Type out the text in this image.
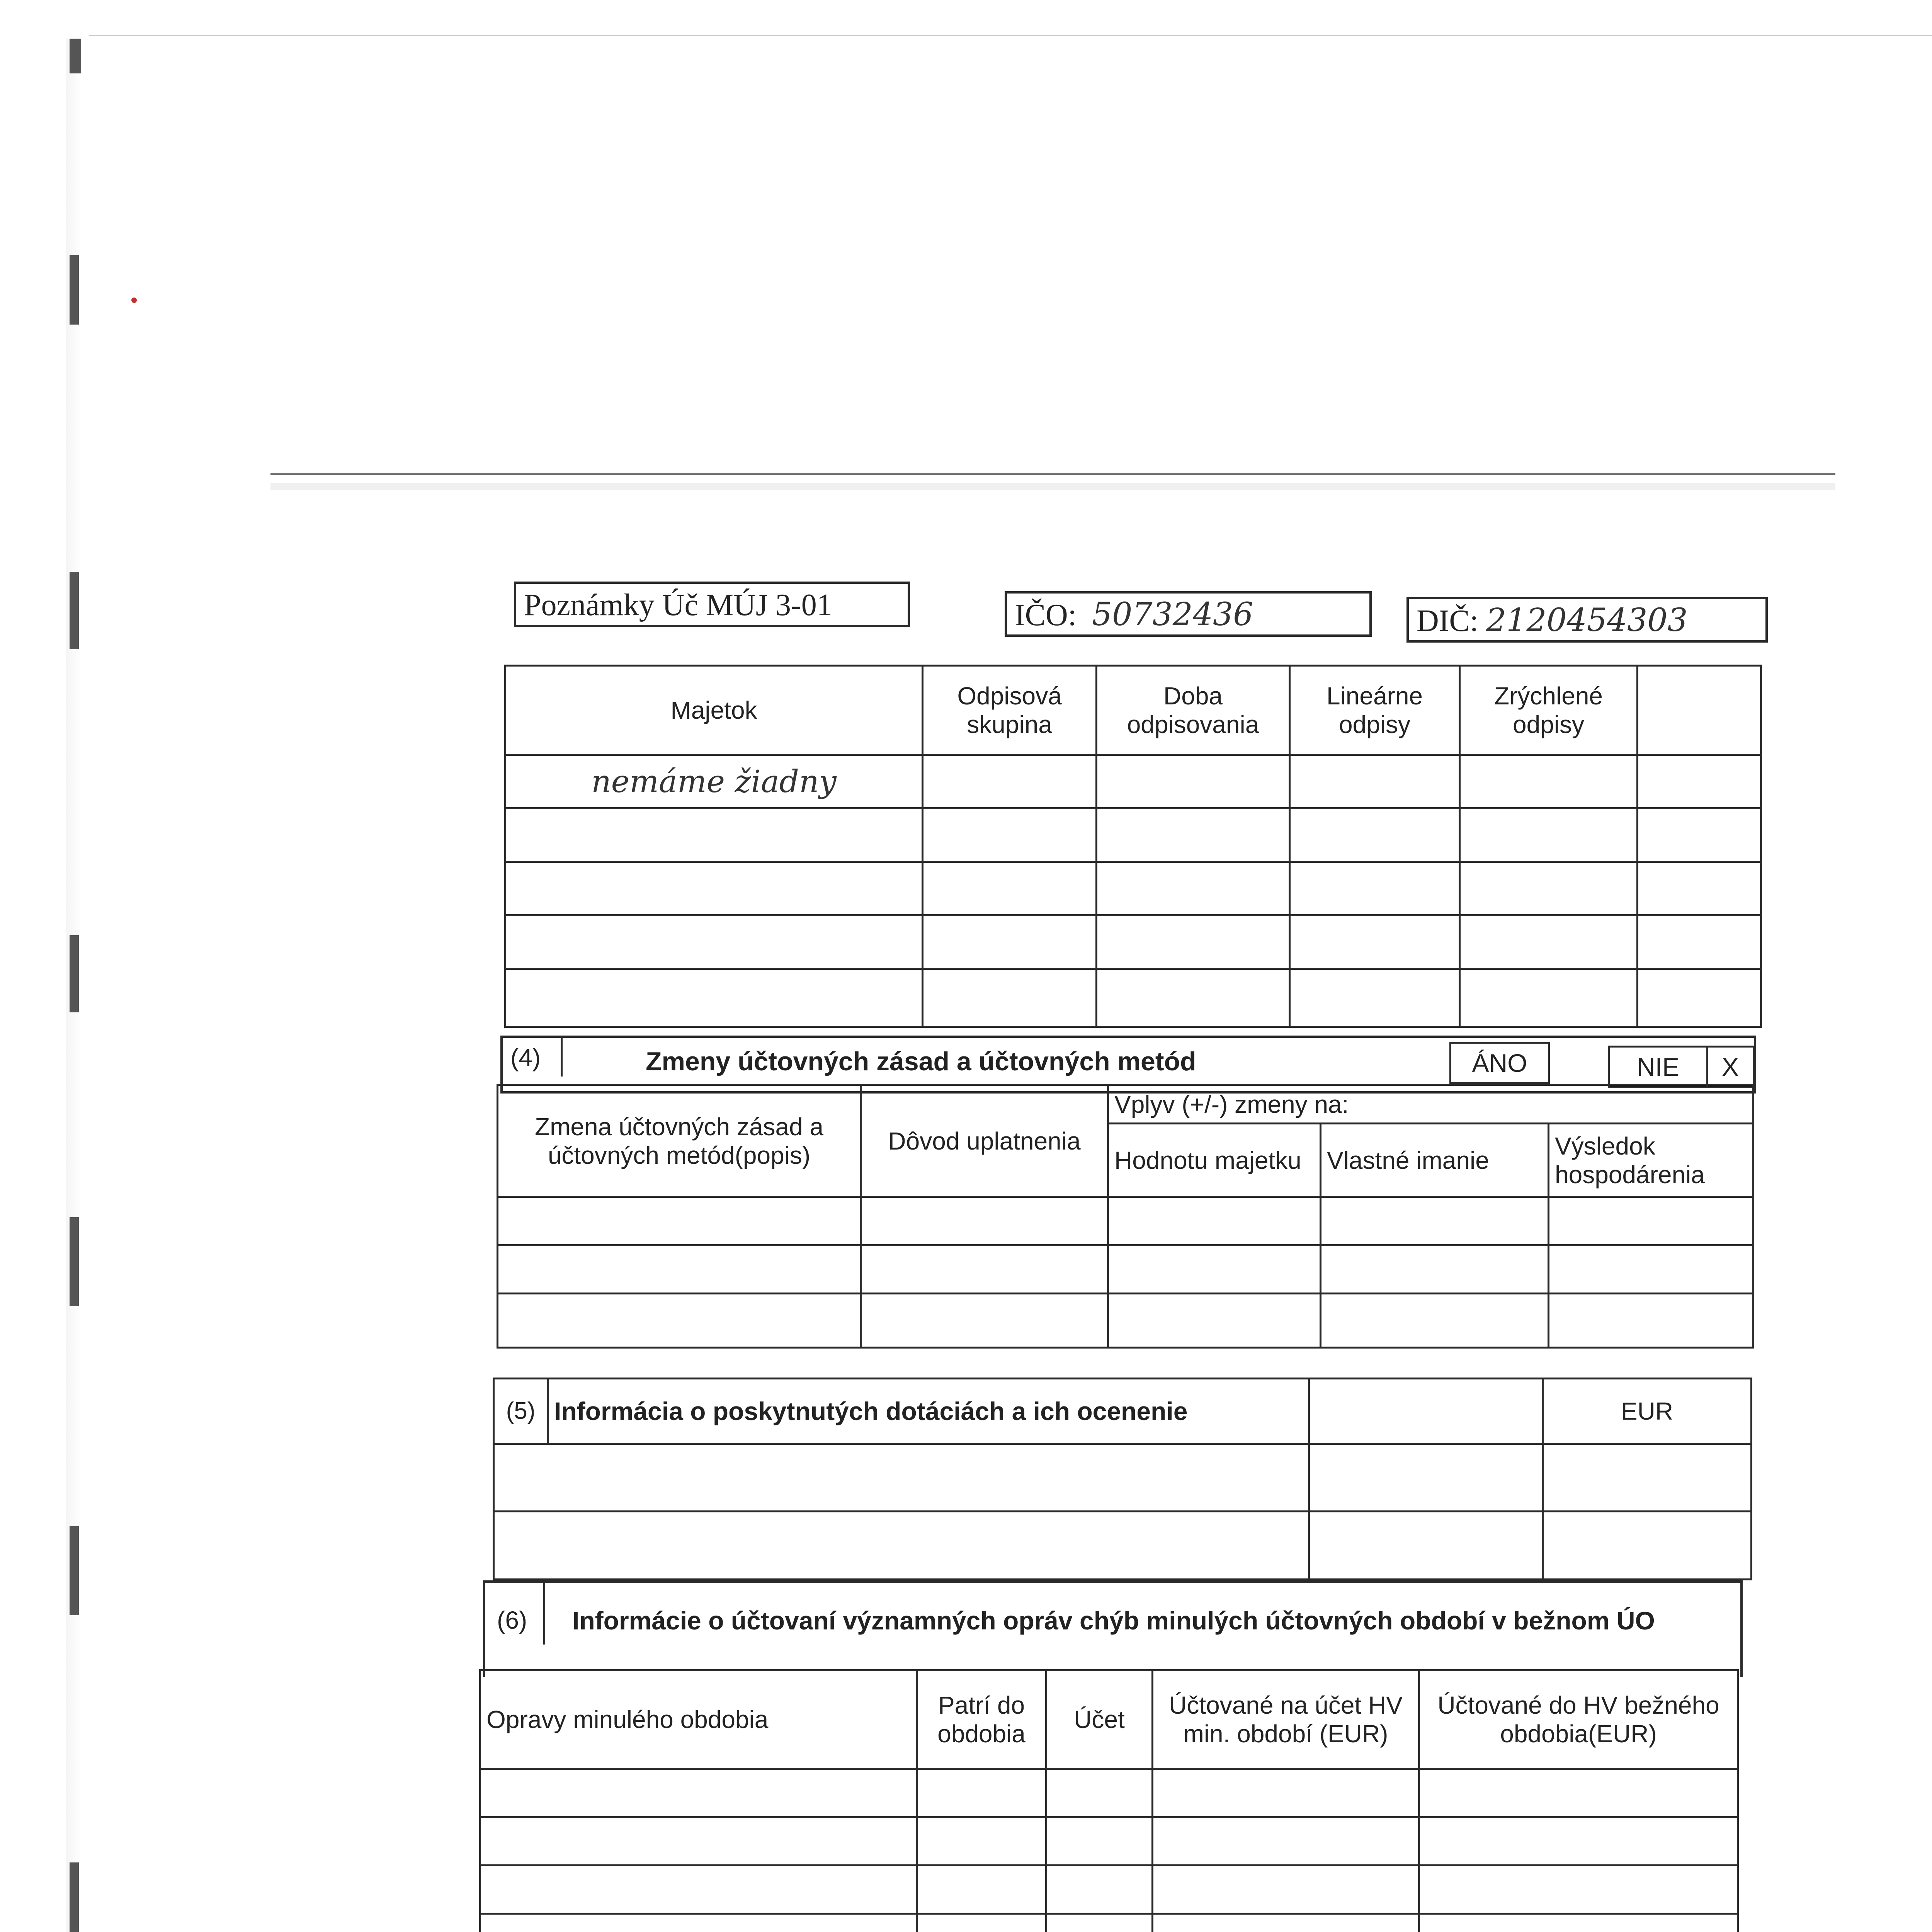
Poznámky Úč MÚJ 3-01	IČO: 50732436	DIČ: 2120454303
Majetok	Odpisová skupina	Doba odpisovania	Lineárne odpisy	Zrýchlené odpisy	
nemáme žiadny					

(4)	Zmeny účtovných zásad a účtovných metód	ÁNO	NIE X
Zmena účtovných zásad a účtovných metód(popis)	Dôvod uplatnenia	Vplyv (+/-) zmeny na:		
		Hodnotu majetku	Vlastné imanie	Výsledok hospodárenia

(5)	Informácia o poskytnutých dotáciách a ich ocenenie		EUR

(6) Informácie o účtovaní významných opráv chýb minulých účtovných období v bežnom ÚO
Opravy minulého obdobia	Patrí do obdobia	Účet	Účtované na účet HV min. období (EUR)	Účtované do HV bežného obdobia(EUR)
